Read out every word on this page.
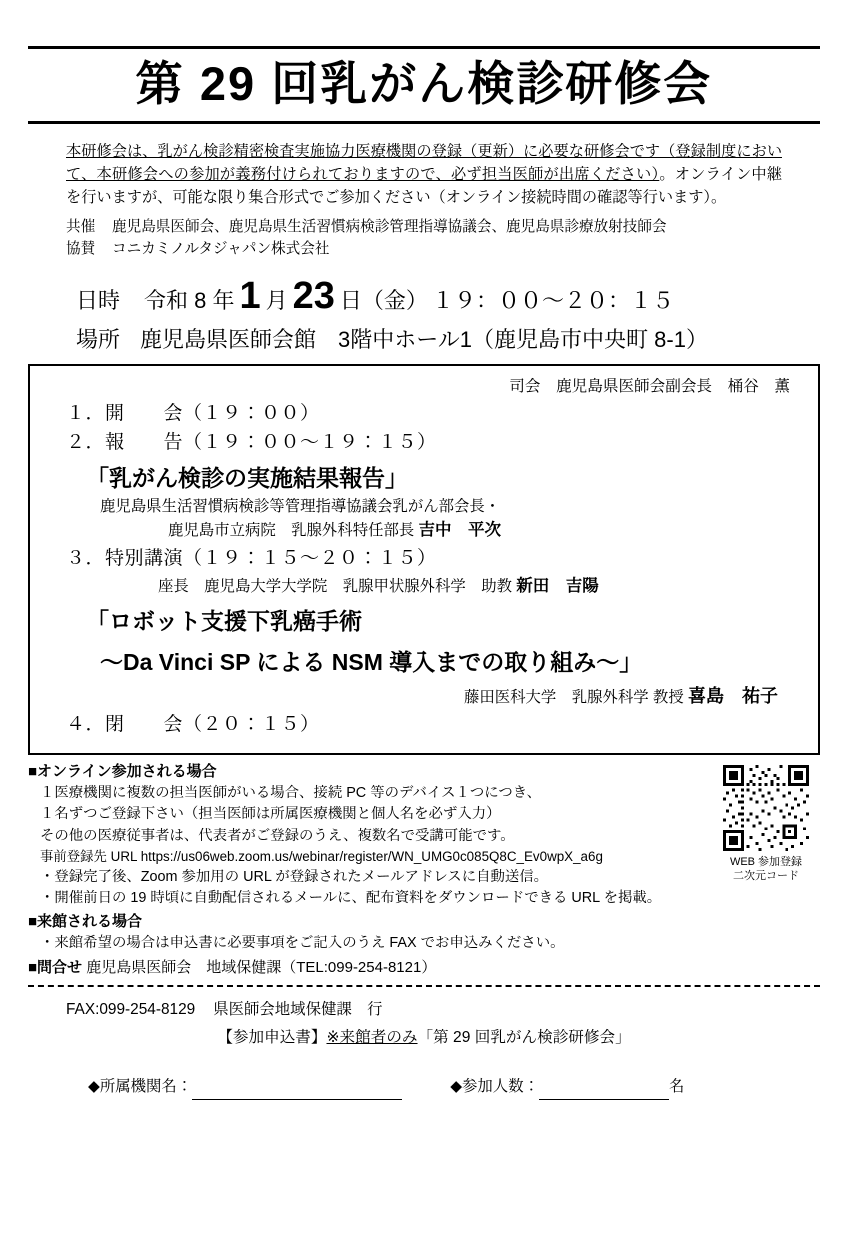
第 29 回乳がん検診研修会
本研修会は、乳がん検診精密検査実施協力医療機関の登録（更新）に必要な研修会です（登録制度において、本研修会への参加が義務付けられておりますので、必ず担当医師が出席ください）。オンライン中継を行いますが、可能な限り集合形式でご参加ください（オンライン接続時間の確認等行います）。
共催 鹿児島県医師会、鹿児島県生活習慣病検診管理指導協議会、鹿児島県診療放射技師会
協賛 コニカミノルタジャパン株式会社
日時 令和 8 年 1 月 23 日（金） １９：００〜２０：１５
場所 鹿児島県医師会館　3階中ホール1（鹿児島市中央町 8-1）
司会　鹿児島県医師会副会長　桶谷　薫
１．開　　会（１９：００）
２．報　　告（１９：００〜１９：１５）
「乳がん検診の実施結果報告」
鹿児島県生活習慣病検診等管理指導協議会乳がん部会長・
鹿児島市立病院　乳腺外科特任部長 吉中　平次
３．特別講演（１９：１５〜２０：１５）
座長　鹿児島大学大学院　乳腺甲状腺外科学　助教 新田　吉陽
「ロボット支援下乳癌手術
〜Da Vinci SP による NSM 導入までの取り組み〜」
藤田医科大学　乳腺外科学 教授 喜島　祐子
４．閉　　会（２０：１５）
WEB 参加登録
二次元コード
■オンライン参加される場合
１医療機関に複数の担当医師がいる場合、接続 PC 等のデバイス１つにつき、
１名ずつご登録下さい（担当医師は所属医療機関と個人名を必ず入力）
その他の医療従事者は、代表者がご登録のうえ、複数名で受講可能です。
事前登録先 URL https://us06web.zoom.us/webinar/register/WN_UMG0c085Q8C_Ev0wpX_a6g
・登録完了後、Zoom 参加用の URL が登録されたメールアドレスに自動送信。
・開催前日の 19 時頃に自動配信されるメールに、配布資料をダウンロードできる URL を掲載。
■来館される場合
・来館希望の場合は申込書に必要事項をご記入のうえ FAX でお申込みください。
■問合せ 鹿児島県医師会　地域保健課（TEL:099-254-8121）
FAX:099-254-8129 県医師会地域保健課　行
【参加申込書】※来館者のみ「第 29 回乳がん検診研修会」
◆所属機関名：	◆参加人数：	名
